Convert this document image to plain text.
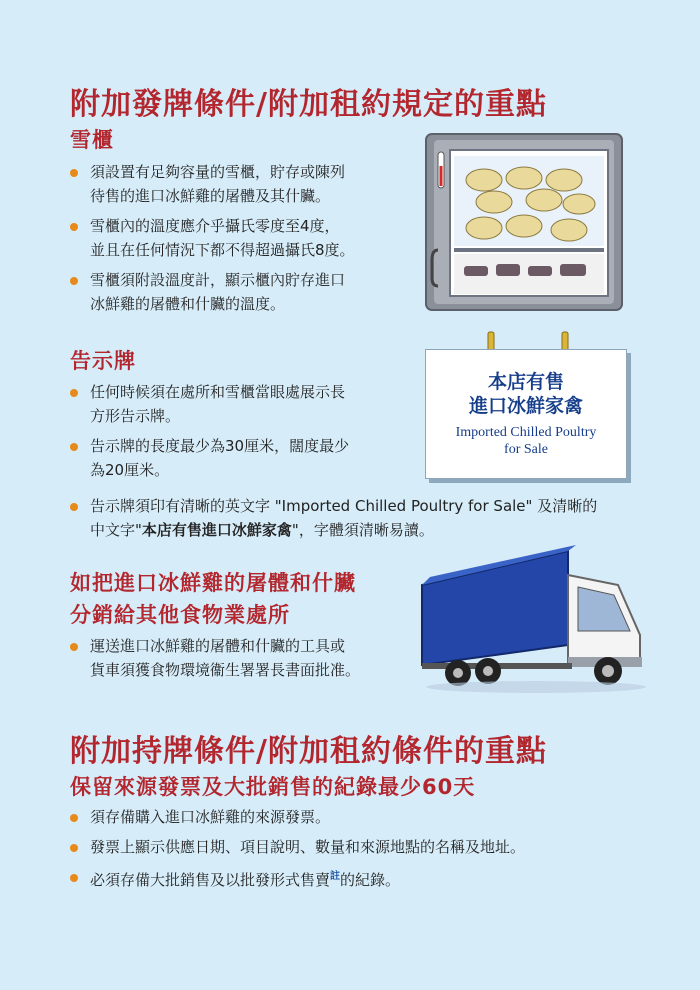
附加發牌條件/附加租約規定的重點
雪櫃
須設置有足夠容量的雪櫃，貯存或陳列
待售的進口冰鮮雞的屠體及其什臟。
雪櫃內的溫度應介乎攝氏零度至4度，
並且在任何情況下都不得超過攝氏8度。
雪櫃須附設溫度計，顯示櫃內貯存進口
冰鮮雞的屠體和什臟的溫度。
告示牌
任何時候須在處所和雪櫃當眼處展示長
方形告示牌。
告示牌的長度最少為30厘米，闊度最少
為20厘米。
告示牌須印有清晰的英文字 "Imported Chilled Poultry for Sale" 及清晰的
中文字"本店有售進口冰鮮家禽"，字體須清晰易讀。
本店有售
進口冰鮮家禽
Imported Chilled Poultry
for Sale
如把進口冰鮮雞的屠體和什臟
分銷給其他食物業處所
運送進口冰鮮雞的屠體和什臟的工具或
貨車須獲食物環境衞生署署長書面批准。
附加持牌條件/附加租約條件的重點
保留來源發票及大批銷售的紀錄最少60天
須存備購入進口冰鮮雞的來源發票。
發票上顯示供應日期、項目說明、數量和來源地點的名稱及地址。
必須存備大批銷售及以批發形式售賣$^註$的紀錄。
